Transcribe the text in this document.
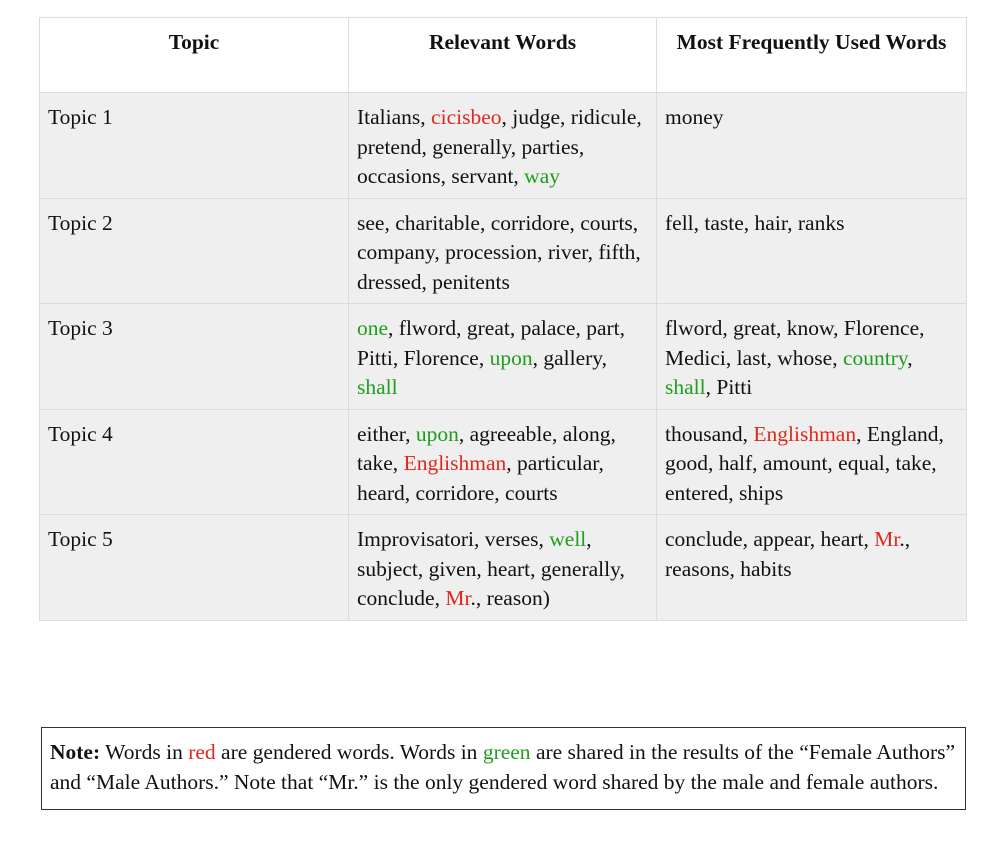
Topic	Relevant Words	Most Frequently Used Words
Topic 1	Italians, cicisbeo, judge, ridicule, pretend, generally, parties, occasions, servant, way	money
Topic 2	see, charitable, corridore, courts, company, procession, river, fifth, dressed, penitents	fell, taste, hair, ranks
Topic 3	one, flword, great, palace, part, Pitti, Florence, upon, gallery, shall	flword, great, know, Florence, Medici, last, whose, country, shall, Pitti
Topic 4	either, upon, agreeable, along, take, Englishman, particular, heard, corridore, courts	thousand, Englishman, England, good, half, amount, equal, take, entered, ships
Topic 5	Improvisatori, verses, well, subject, given, heart, generally, conclude, Mr., reason)	conclude, appear, heart, Mr., reasons, habits
Note: Words in red are gendered words. Words in green are shared in the results of the “Female Authors” and “Male Authors.” Note that “Mr.” is the only gendered word shared by the male and female authors.
